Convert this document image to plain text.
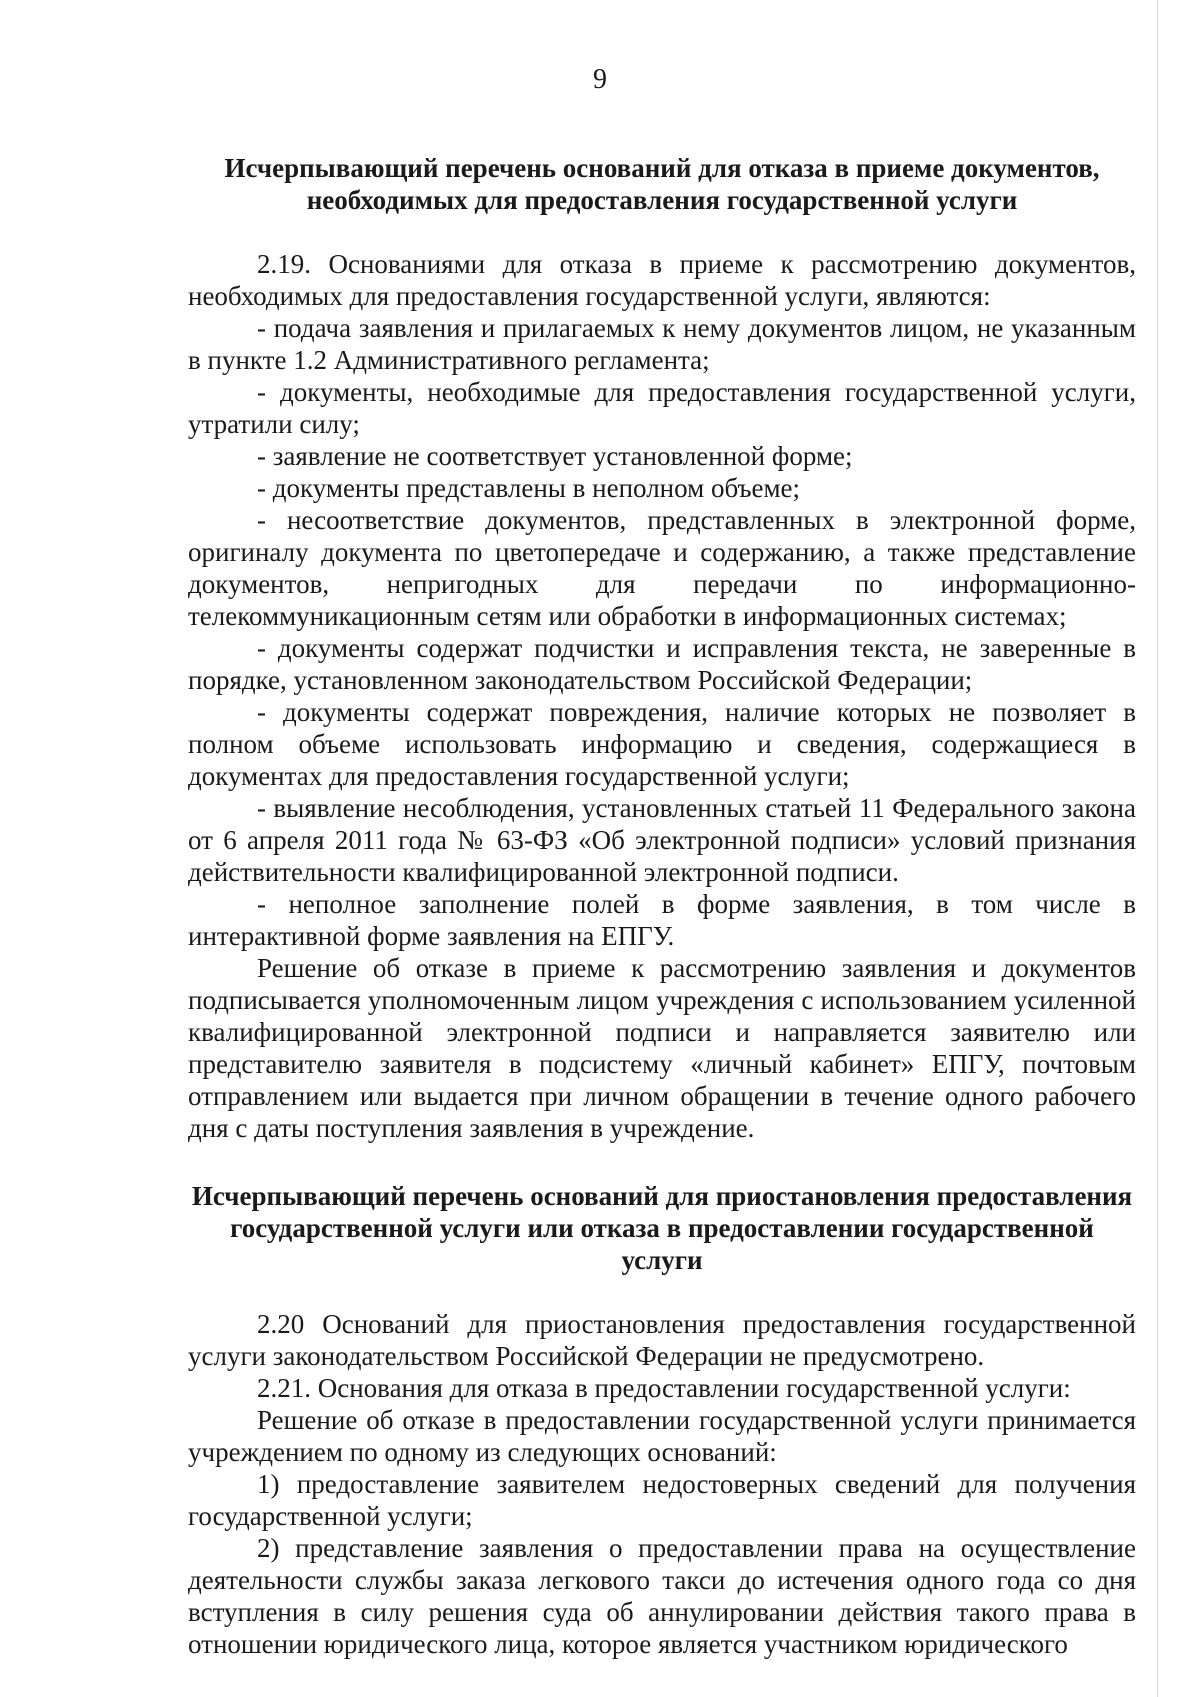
9
Исчерпывающий перечень оснований для отказа в приеме документов, необходимых для предоставления государственной услуги

2.19. Основаниями для отказа в приеме к рассмотрению документов, необходимых для предоставления государственной услуги, являются:

- подача заявления и прилагаемых к нему документов лицом, не указанным в пункте 1.2 Административного регламента;

- документы, необходимые для предоставления государственной услуги, утратили силу;

- заявление не соответствует установленной форме;

- документы представлены в неполном объеме;

- несоответствие документов, представленных в электронной форме, оригиналу документа по цветопередаче и содержанию, а также представление документов, непригодных для передачи по информационно-телекоммуникационным сетям или обработки в информационных системах;

- документы содержат подчистки и исправления текста, не заверенные в порядке, установленном законодательством Российской Федерации;

- документы содержат повреждения, наличие которых не позволяет в полном объеме использовать информацию и сведения, содержащиеся в документах для предоставления государственной услуги;

- выявление несоблюдения, установленных статьей 11 Федерального закона от 6 апреля 2011 года № 63-ФЗ «Об электронной подписи» условий признания действительности квалифицированной электронной подписи.

- неполное заполнение полей в форме заявления, в том числе в интерактивной форме заявления на ЕПГУ.

Решение об отказе в приеме к рассмотрению заявления и документов подписывается уполномоченным лицом учреждения с использованием усиленной квалифицированной электронной подписи и направляется заявителю или представителю заявителя в подсистему «личный кабинет» ЕПГУ, почтовым отправлением или выдается при личном обращении в течение одного рабочего дня с даты поступления заявления в учреждение.

Исчерпывающий перечень оснований для приостановления предоставления государственной услуги или отказа в предоставлении государственной услуги

2.20 Оснований для приостановления предоставления государственной услуги законодательством Российской Федерации не предусмотрено.

2.21. Основания для отказа в предоставлении государственной услуги:

Решение об отказе в предоставлении государственной услуги принимается учреждением по одному из следующих оснований:

1) предоставление заявителем недостоверных сведений для получения государственной услуги;

2) представление заявления о предоставлении права на осуществление деятельности службы заказа легкового такси до истечения одного года со дня вступления в силу решения суда об аннулировании действия такого права в отношении юридического лица, которое является участником юридического
